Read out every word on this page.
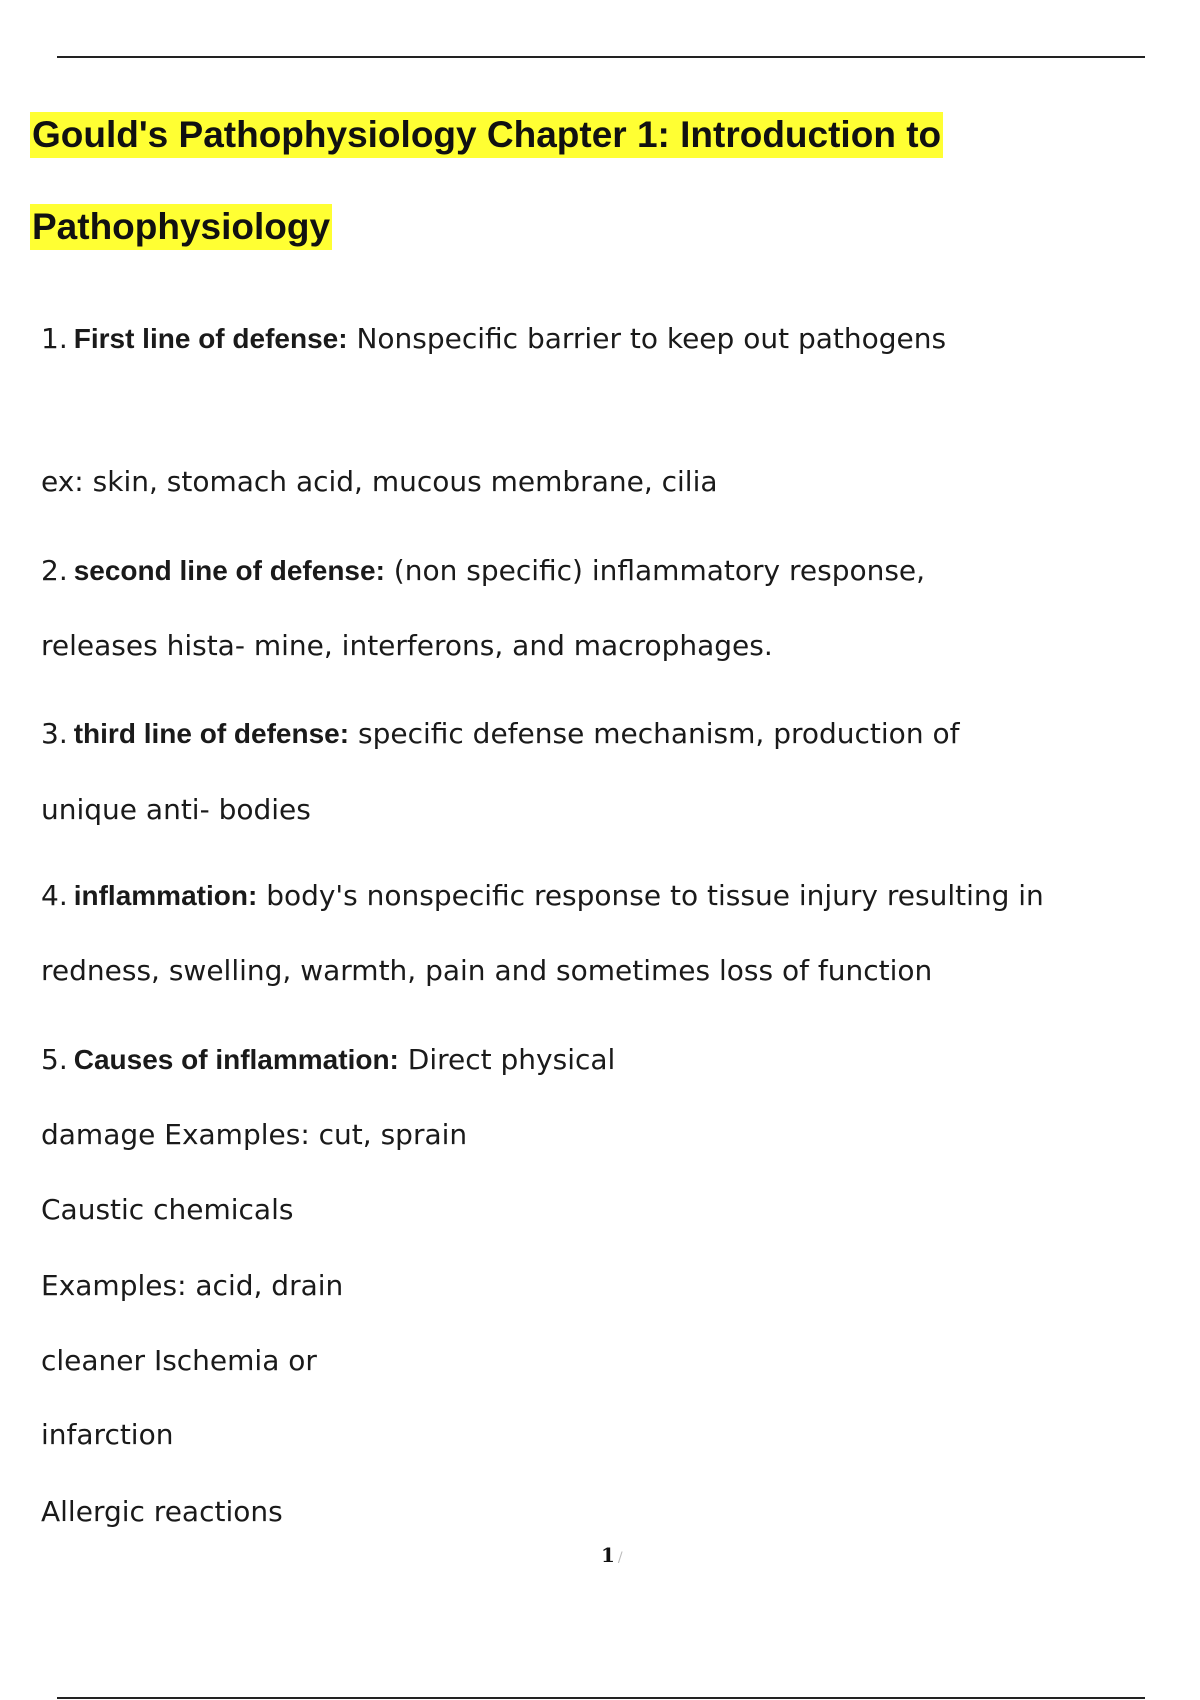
Gould's Pathophysiology Chapter 1: Introduction to
Pathophysiology
1. First line of defense: Nonspecific barrier to keep out pathogens
ex: skin, stomach acid, mucous membrane, cilia
2. second line of defense: (non specific) inflammatory response,
releases hista- mine, interferons, and macrophages.
3. third line of defense: specific defense mechanism, production of
unique anti- bodies
4. inflammation: body's nonspecific response to tissue injury resulting in
redness, swelling, warmth, pain and sometimes loss of function
5. Causes of inflammation: Direct physical
damage Examples: cut, sprain
Caustic chemicals
Examples: acid, drain
cleaner Ischemia or
infarction
Allergic reactions
1 /
